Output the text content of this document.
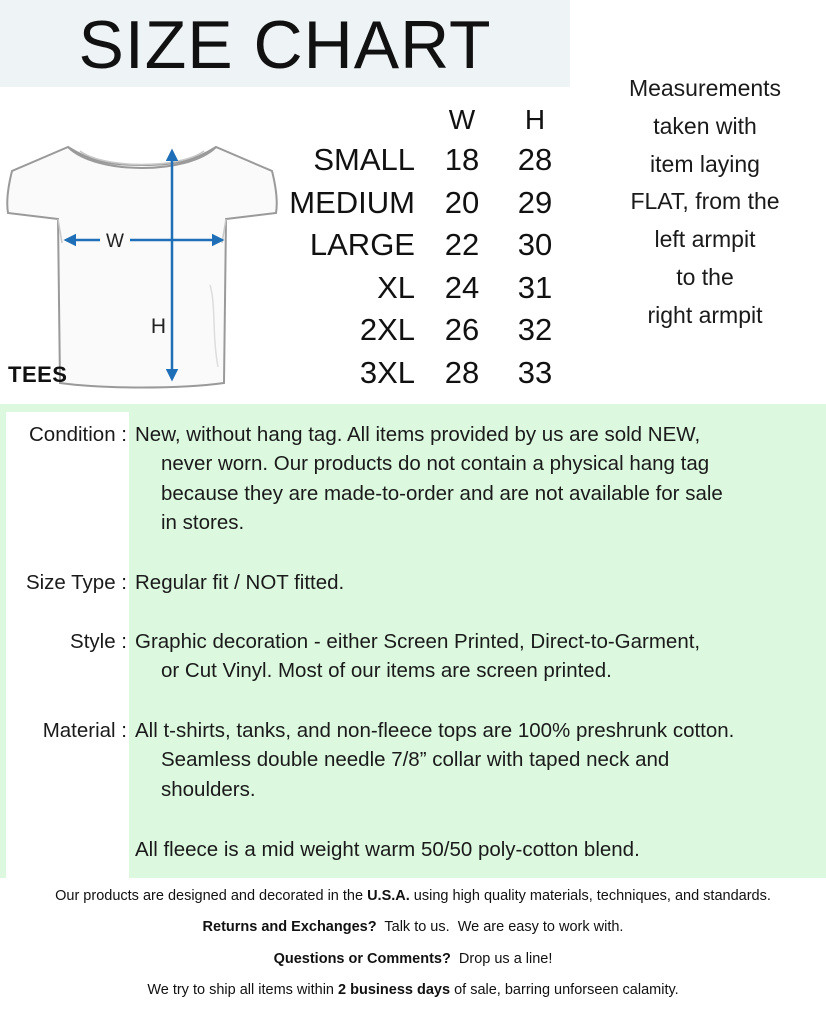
SIZE CHART
W
H
TEES
W	H
SMALL 18	28
MEDIUM 20	29
LARGE 22	30
XL 24	31
2XL 26	32
3XL 28	33
Measurements
taken with
item laying
FLAT, from the
left armpit
to the
right armpit
Condition : New, without hang tag. All items provided by us are sold NEW,
never worn. Our products do not contain a physical hang tag
because they are made-to-order and are not available for sale
in stores.
Size Type : Regular fit / NOT fitted.
Style : Graphic decoration - either Screen Printed, Direct-to-Garment,
or Cut Vinyl. Most of our items are screen printed.
Material : All t-shirts, tanks, and non-fleece tops are 100% preshrunk cotton.
Seamless double needle 7/8” collar with taped neck and
shoulders.
All fleece is a mid weight warm 50/50 poly-cotton blend.
Our products are designed and decorated in the U.S.A. using high quality materials, techniques, and standards.
Returns and Exchanges?  Talk to us.  We are easy to work with.
Questions or Comments?  Drop us a line!
We try to ship all items within 2 business days of sale, barring unforseen calamity.
